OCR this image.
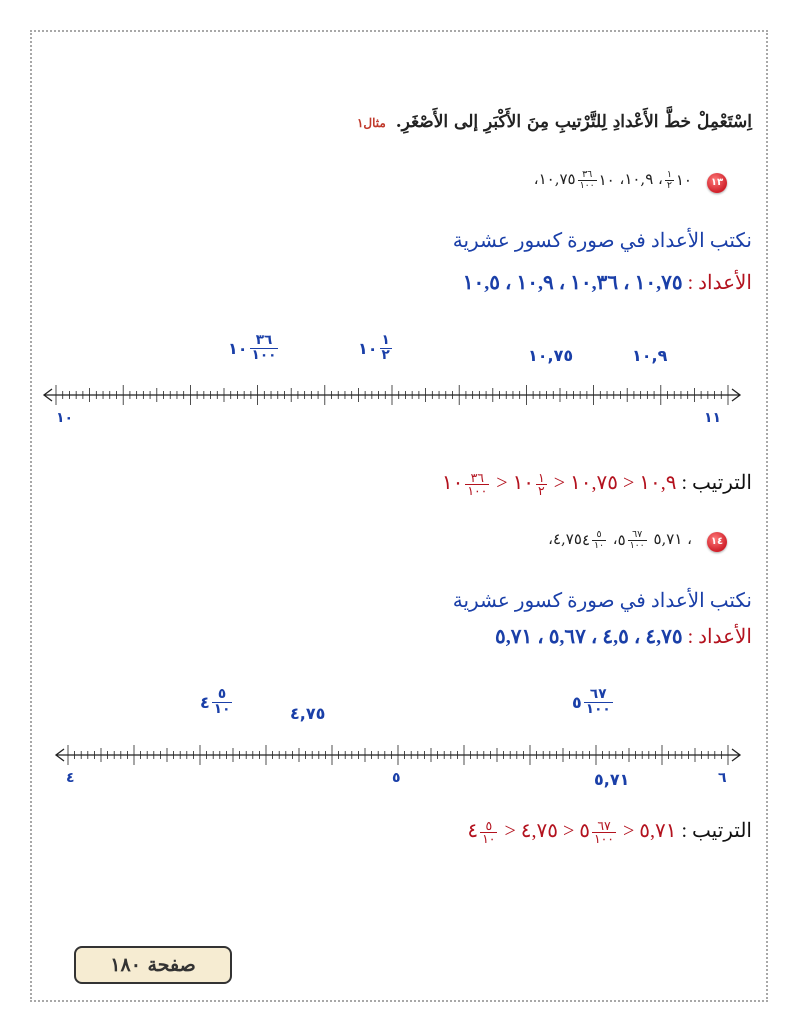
اِسْتَعْمِلْ خطَّ الأَعْدادِ لِلتَّرْتيبِ مِنَ الأَكْبَرِ إلى الأَصْغَرِ. مثال١
١٣
١٠
$\frac{١}{٢}$
، ١٠,٩، ١٠
$\frac{٣٦}{١٠٠}$
١٠,٧٥،
نكتب الأعداد في صورة كسور عشرية
الأعداد : ١٠,٧٥ ، ١٠,٣٦ ، ١٠,٩ ، ١٠,٥
$\frac{٣٦}{١٠٠}$
١٠	$\frac{١}{٢}$
١٠	١٠,٧٥	١٠,٩
١٠	١١
الترتيب : ١٠,٩ < ١٠,٧٥ <
$\frac{١}{٢}$
١٠ <
$\frac{٣٦}{١٠٠}$
١٠
١٤
، ٥,٧١
$\frac{٦٧}{١٠٠}$
٥،
$\frac{٥}{١٠}$
٤٤,٧٥،
نكتب الأعداد في صورة كسور عشرية
الأعداد : ٤,٧٥ ، ٤,٥ ، ٥,٦٧ ، ٥,٧١
$\frac{٥}{١٠}$
٤
٤,٧٥	$\frac{٦٧}{١٠٠}$
٥
٤	٥	٦
٥,٧١
الترتيب : ٥,٧١ <
$\frac{٦٧}{١٠٠}$
٥ < ٤,٧٥ <
$\frac{٥}{١٠}$
٤
صفحة ١٨٠
